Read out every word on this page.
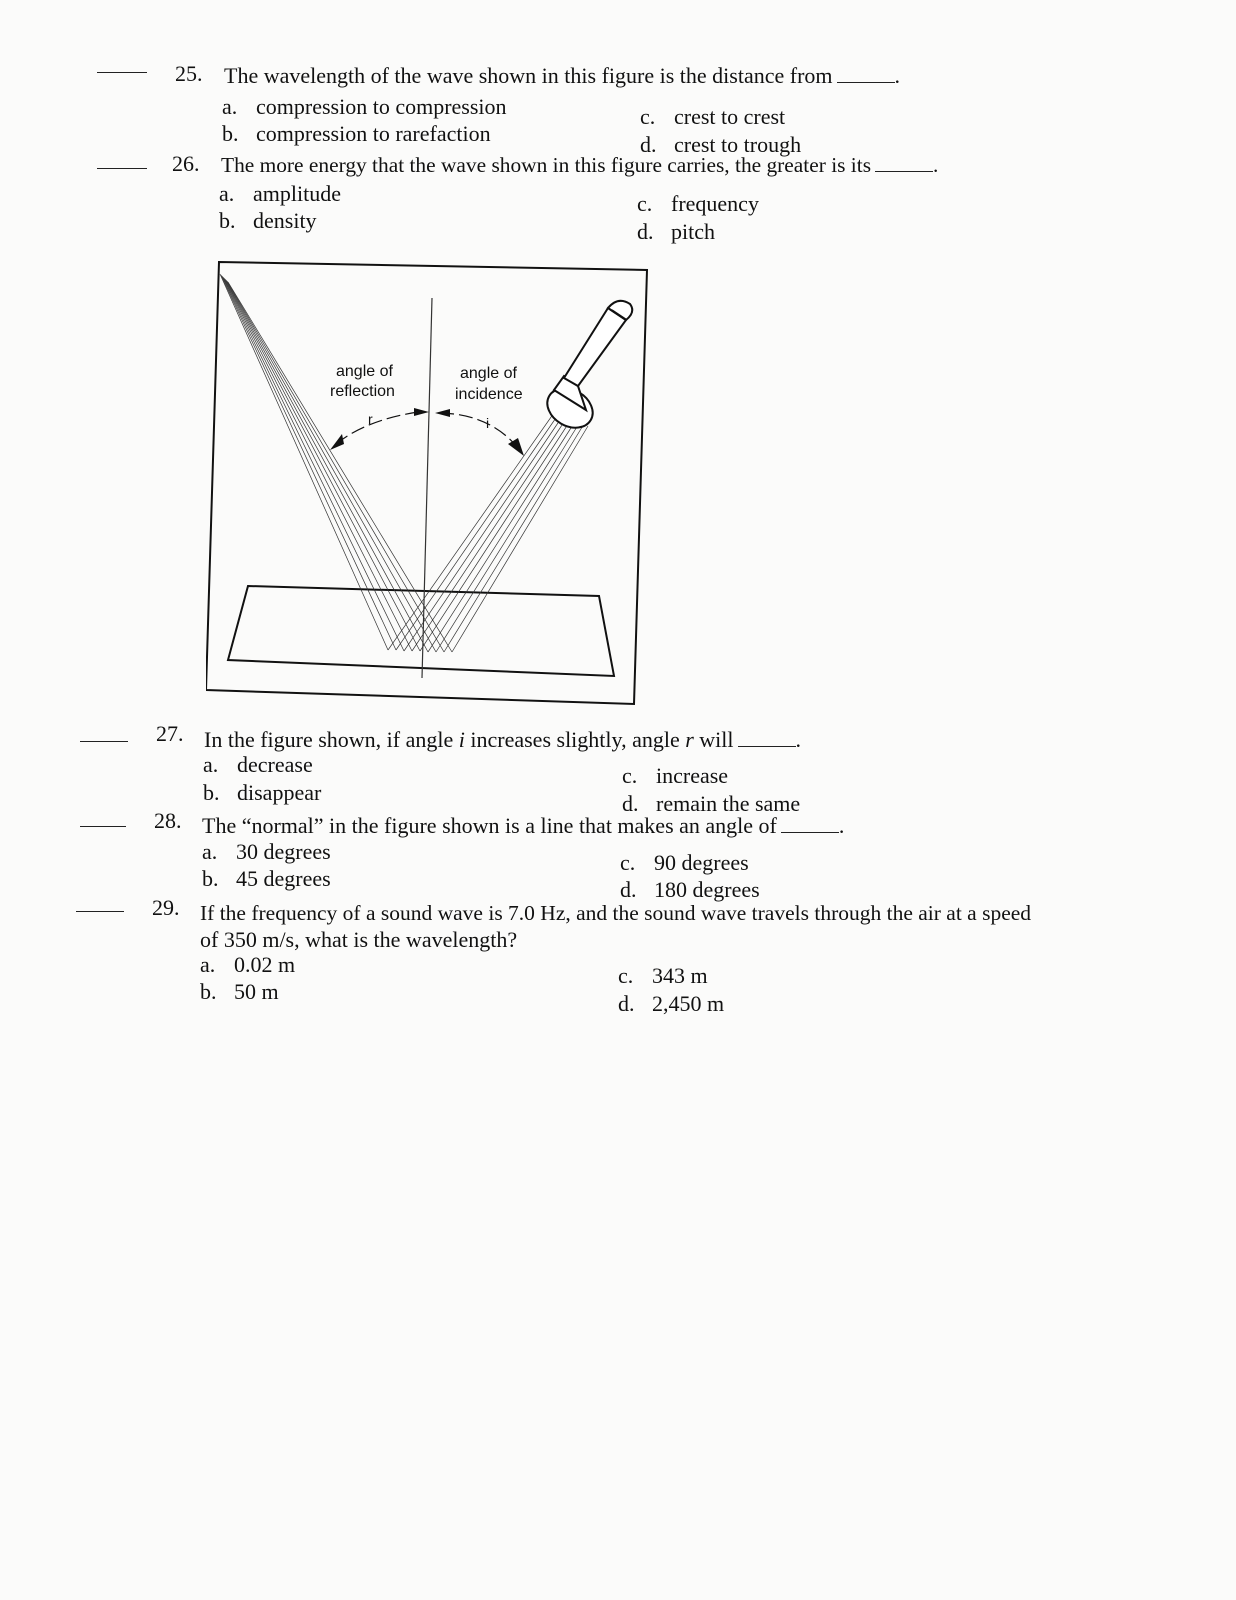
25. The wavelength of the wave shown in this figure is the distance from	.
a. compression to compression
b. compression to rarefaction
c. crest to crest
d. crest to trough
26. The more energy that the wave shown in this figure carries, the greater is its	.
a. amplitude
b. density
c. frequency
d. pitch
angle of
reflection
angle of
incidence
r	i
27. In the figure shown, if angle i increases slightly, angle r will	.
a. decrease
b. disappear
c. increase
d. remain the same
28. The “normal” in the figure shown is a line that makes an angle of	.
a. 30 degrees
b. 45 degrees
c. 90 degrees
d. 180 degrees
29. If the frequency of a sound wave is 7.0 Hz, and the sound wave travels through the air at a speed
of 350 m/s, what is the wavelength?
a. 0.02 m
b. 50 m
c. 343 m
d. 2,450 m
